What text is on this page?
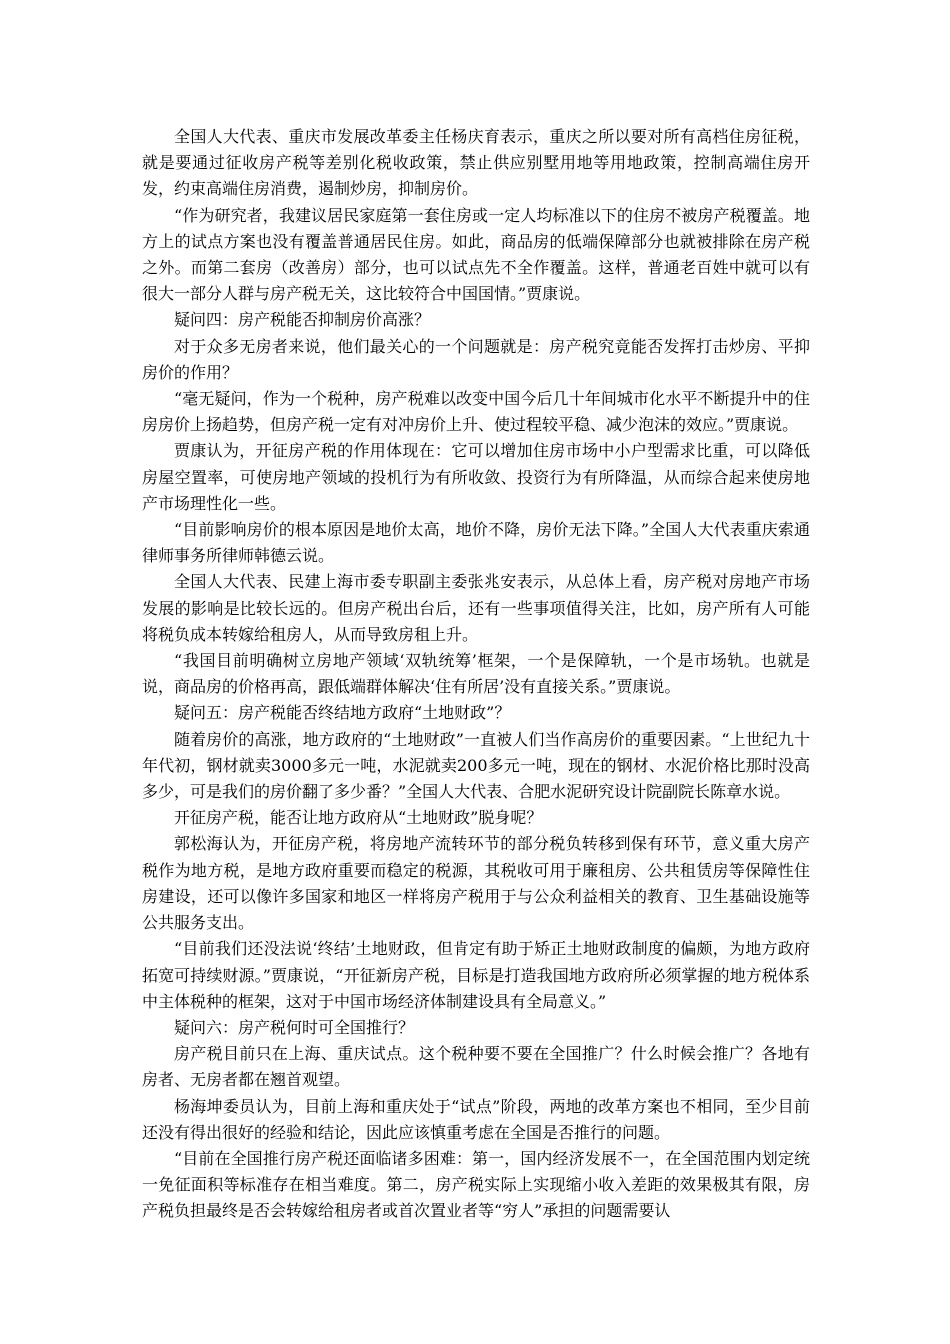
全国人大代表、重庆市发展改革委主任杨庆育表示，重庆之所以要对所有高档住房征税，就是要通过征收房产税等差别化税收政策，禁止供应别墅用地等用地政策，控制高端住房开发，约束高端住房消费，遏制炒房，抑制房价。

“作为研究者，我建议居民家庭第一套住房或一定人均标准以下的住房不被房产税覆盖。地方上的试点方案也没有覆盖普通居民住房。如此，商品房的低端保障部分也就被排除在房产税之外。而第二套房（改善房）部分，也可以试点先不全作覆盖。这样，普通老百姓中就可以有很大一部分人群与房产税无关，这比较符合中国国情。”贾康说。

疑问四：房产税能否抑制房价高涨？

对于众多无房者来说，他们最关心的一个问题就是：房产税究竟能否发挥打击炒房、平抑房价的作用？

“毫无疑问，作为一个税种，房产税难以改变中国今后几十年间城市化水平不断提升中的住房房价上扬趋势，但房产税一定有对冲房价上升、使过程较平稳、减少泡沫的效应。”贾康说。

贾康认为，开征房产税的作用体现在：它可以增加住房市场中小户型需求比重，可以降低房屋空置率，可使房地产领域的投机行为有所收敛、投资行为有所降温，从而综合起来使房地产市场理性化一些。

“目前影响房价的根本原因是地价太高，地价不降，房价无法下降。”全国人大代表重庆索通律师事务所律师韩德云说。

全国人大代表、民建上海市委专职副主委张兆安表示，从总体上看，房产税对房地产市场发展的影响是比较长远的。但房产税出台后，还有一些事项值得关注，比如，房产所有人可能将税负成本转嫁给租房人，从而导致房租上升。

“我国目前明确树立房地产领域‘双轨统筹’框架，一个是保障轨，一个是市场轨。也就是说，商品房的价格再高，跟低端群体解决‘住有所居’没有直接关系。”贾康说。

疑问五：房产税能否终结地方政府“土地财政”？

随着房价的高涨，地方政府的“土地财政”一直被人们当作高房价的重要因素。“上世纪九十年代初，钢材就卖3000多元一吨，水泥就卖200多元一吨，现在的钢材、水泥价格比那时没高多少，可是我们的房价翻了多少番？”全国人大代表、合肥水泥研究设计院副院长陈章水说。

开征房产税，能否让地方政府从“土地财政”脱身呢？

郭松海认为，开征房产税，将房地产流转环节的部分税负转移到保有环节，意义重大房产税作为地方税，是地方政府重要而稳定的税源，其税收可用于廉租房、公共租赁房等保障性住房建设，还可以像许多国家和地区一样将房产税用于与公众利益相关的教育、卫生基础设施等公共服务支出。

“目前我们还没法说‘终结’土地财政，但肯定有助于矫正土地财政制度的偏颇，为地方政府拓宽可持续财源。”贾康说，“开征新房产税，目标是打造我国地方政府所必须掌握的地方税体系中主体税种的框架，这对于中国市场经济体制建设具有全局意义。”

疑问六：房产税何时可全国推行？

房产税目前只在上海、重庆试点。这个税种要不要在全国推广？什么时候会推广？各地有房者、无房者都在翘首观望。

杨海坤委员认为，目前上海和重庆处于“试点”阶段，两地的改革方案也不相同，至少目前还没有得出很好的经验和结论，因此应该慎重考虑在全国是否推行的问题。

“目前在全国推行房产税还面临诸多困难：第一，国内经济发展不一，在全国范围内划定统一免征面积等标准存在相当难度。第二，房产税实际上实现缩小收入差距的效果极其有限，房产税负担最终是否会转嫁给租房者或首次置业者等“穷人”承担的问题需要认
